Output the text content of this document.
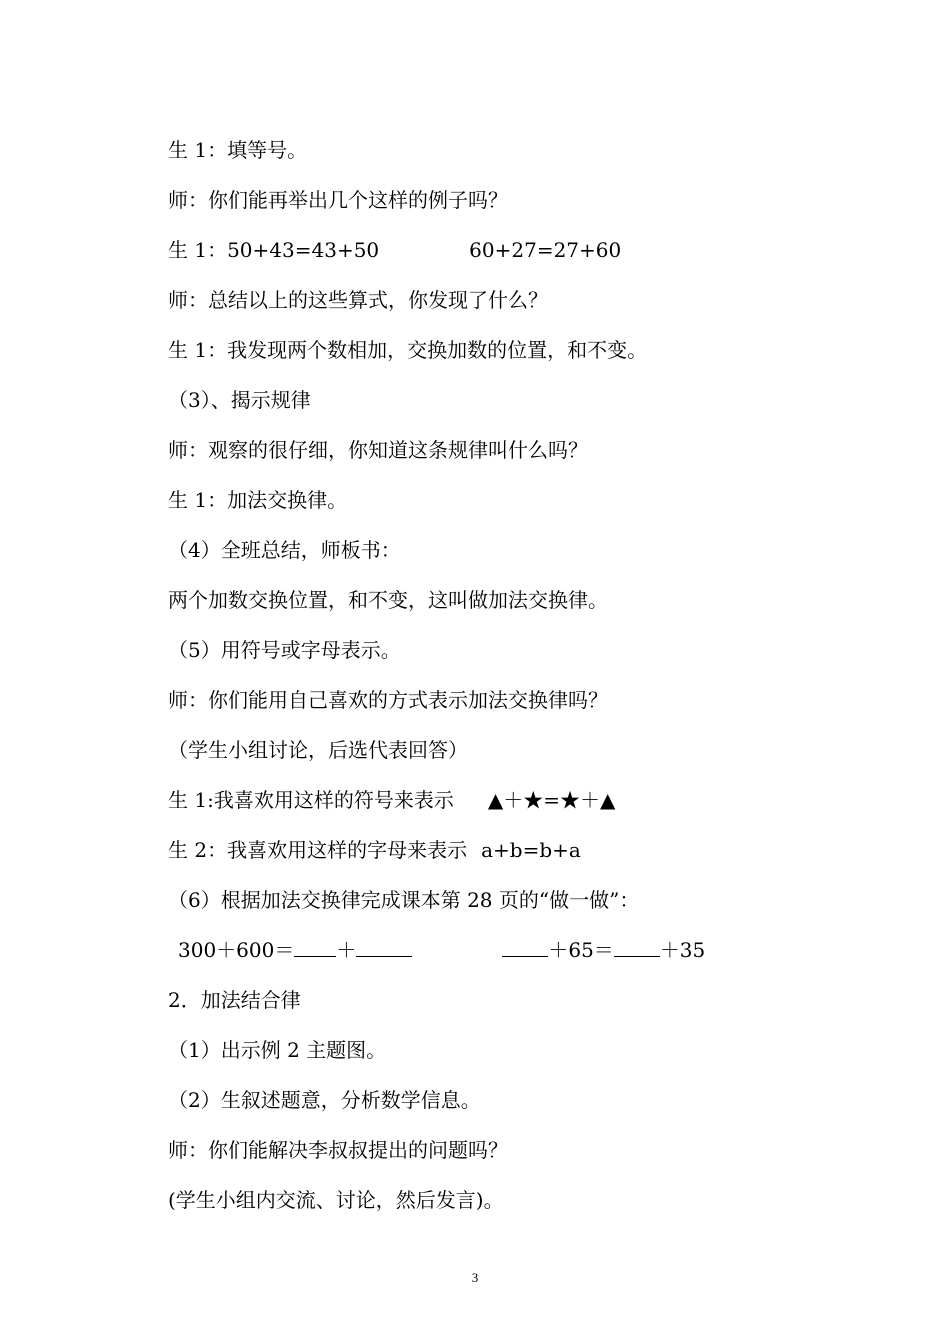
生 1：填等号。
师：你们能再举出几个这样的例子吗？
生 1：50+43=43+50	60+27=27+60
师：总结以上的这些算式，你发现了什么？
生 1：我发现两个数相加，交换加数的位置，和不变。
（3）、揭示规律
师：观察的很仔细，你知道这条规律叫什么吗？
生 1：加法交换律。
（4）全班总结，师板书：
两个加数交换位置，和不变，这叫做加法交换律。
（5）用符号或字母表示。
师：你们能用自己喜欢的方式表示加法交换律吗？
（学生小组讨论，后选代表回答）
生 1:我喜欢用这样的符号来表示 ▲＋★=★＋▲
生 2：我喜欢用这样的字母来表示 a+b=b+a
（6）根据加法交换律完成课本第 28 页的“做一做”：
300＋600＝ ＋	＋65＝ ＋35
2．加法结合律
（1）出示例 2 主题图。
（2）生叙述题意，分析数学信息。
师：你们能解决李叔叔提出的问题吗？
(学生小组内交流、讨论，然后发言)。
3
